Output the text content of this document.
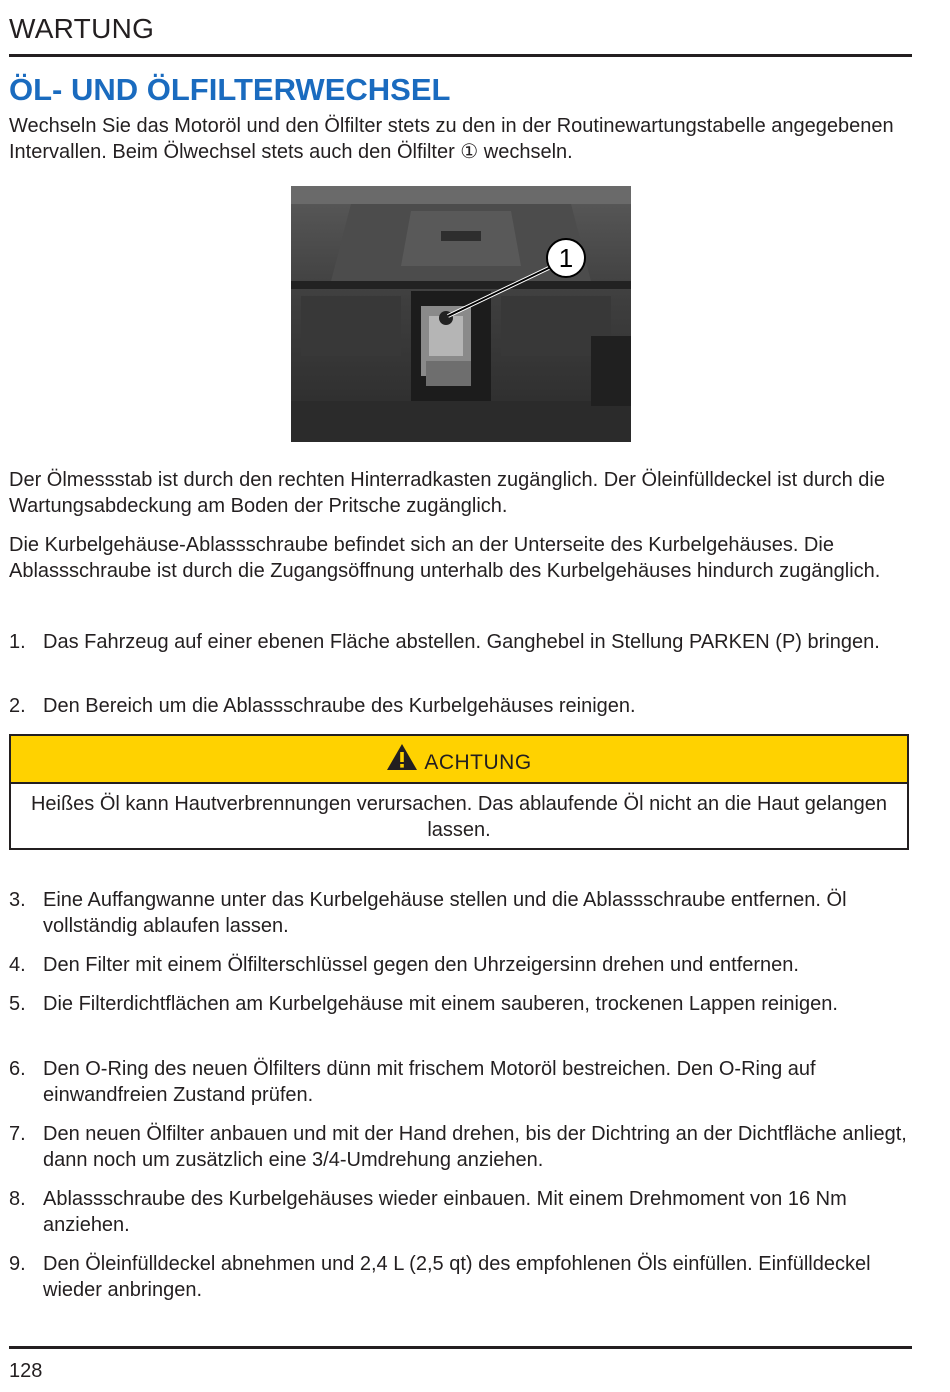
WARTUNG
ÖL- UND ÖLFILTERWECHSEL
Wechseln Sie das Motoröl und den Ölfilter stets zu den in der Routinewartungstabelle angegebenen Intervallen. Beim Ölwechsel stets auch den Ölfilter ① wechseln.
1
Der Ölmessstab ist durch den rechten Hinterradkasten zugänglich. Der Öleinfülldeckel ist durch die Wartungsabdeckung am Boden der Pritsche zugänglich.
Die Kurbelgehäuse-Ablassschraube befindet sich an der Unterseite des Kurbelgehäuses. Die Ablassschraube ist durch die Zugangsöffnung unterhalb des Kurbelgehäuses hindurch zugänglich.
1. Das Fahrzeug auf einer ebenen Fläche abstellen. Ganghebel in Stellung PARKEN (P) bringen.
2. Den Bereich um die Ablassschraube des Kurbelgehäuses reinigen.
ACHTUNG
Heißes Öl kann Hautverbrennungen verursachen. Das ablaufende Öl nicht an die Haut gelangen lassen.
3. Eine Auffangwanne unter das Kurbelgehäuse stellen und die Ablassschraube entfernen. Öl vollständig ablaufen lassen.
4. Den Filter mit einem Ölfilterschlüssel gegen den Uhrzeigersinn drehen und entfernen.
5. Die Filterdichtflächen am Kurbelgehäuse mit einem sauberen, trockenen Lappen reinigen.
6. Den O-Ring des neuen Ölfilters dünn mit frischem Motoröl bestreichen. Den O-Ring auf einwandfreien Zustand prüfen.
7. Den neuen Ölfilter anbauen und mit der Hand drehen, bis der Dichtring an der Dichtfläche anliegt, dann noch um zusätzlich eine 3/4-Umdrehung anziehen.
8. Ablassschraube des Kurbelgehäuses wieder einbauen. Mit einem Drehmoment von 16 Nm anziehen.
9. Den Öleinfülldeckel abnehmen und 2,4 L (2,5 qt) des empfohlenen Öls einfüllen. Einfülldeckel wieder anbringen.
128
